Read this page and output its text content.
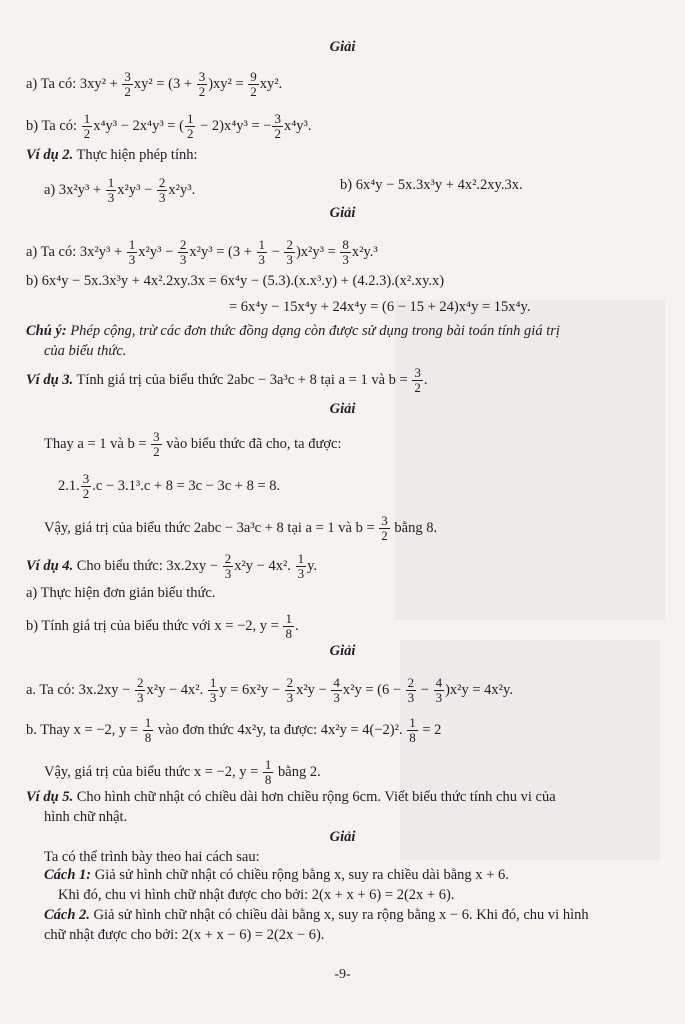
Giải
a) Ta có: $3xy^2 + \frac{3}{2} xy^2 = (3 + \frac{3}{2} )xy^2 = \frac{9}{2} xy^2$.
b) Ta có: $\frac{1}{2} x^4y^3 - 2x^4y^3$ = ( $\frac{1}{2} - 2)x^4y^3$ = − $\frac{3}{2} x^4y^3$.
Ví dụ 2. Thực hiện phép tính:
a) $3x^2y^3 + \frac{1}{3} x^2y^3 - \frac{2}{3} x^2y^3$.	b) 6x⁴y − 5x.3x³y + 4x².2xy.3x.
Giải
a) Ta có: $3x^2y^3 + \frac{1}{3} x^2y^3 - \frac{2}{3} x^2y^3 = (3 + \frac{1}{3} - \frac{2}{3} )x^2y^3 = \frac{8}{3} x^2y.^3$
b) 6x⁴y − 5x.3x³y + 4x².2xy.3x = 6x⁴y − (5.3).(x.x³.y) + (4.2.3).(x².xy.x)
= 6x⁴y − 15x⁴y + 24x⁴y = (6 − 15 + 24)x⁴y = 15x⁴y.
Chú ý: Phép cộng, trừ các đơn thức đồng dạng còn được sử dụng trong bài toán tính giá trị
của biểu thức.
Ví dụ 3. Tính giá trị của biểu thức 2abc − 3a³c + 8 tại a = 1 và $b = \frac{3}{2}$ .
Giải
Thay a = 1 và $b = \frac{3}{2}$ vào biểu thức đã cho, ta được:
2.1. $\frac{3}{2} .c - 3.1^3.c + 8 = 3c - 3c + 8 = 8$.
Vậy, giá trị của biểu thức 2abc − 3a³c + 8 tại a = 1 và $b = \frac{3}{2}$ bằng 8.
Ví dụ 4. Cho biểu thức: $3x.2xy - \frac{2}{3} x^2y - 4x^2$. $\frac{1}{3} y$.
a) Thực hiện đơn giản biểu thức.
b) Tính giá trị của biểu thức với x = −2, $y = \frac{1}{8}$ .
Giải
a. Ta có: $3x.2xy - \frac{2}{3} x^2y - 4x^2$. $\frac{1}{3}$ $y = 6x^2y - \frac{2}{3} x^2y - \frac{4}{3} x^2y = (6 - \frac{2}{3} - \frac{4}{3} )x^2y = 4x^2y$.
b. Thay x = −2, $y = \frac{1}{8}$ vào đơn thức 4x²y, ta được: 4x²y = 4(−2)². $\frac{1}{8} = 2$
Vậy, giá trị của biểu thức x = −2, $y = \frac{1}{8}$ bằng 2.
Ví dụ 5. Cho hình chữ nhật có chiều dài hơn chiều rộng 6cm. Viết biểu thức tính chu vi của
hình chữ nhật.
Giải
Ta có thể trình bày theo hai cách sau:
Cách 1: Giả sử hình chữ nhật có chiều rộng bằng x, suy ra chiều dài bằng x + 6.
Khi đó, chu vi hình chữ nhật được cho bởi: 2(x + x + 6) = 2(2x + 6).
Cách 2. Giả sử hình chữ nhật có chiều dài bằng x, suy ra rộng bằng x − 6. Khi đó, chu vi hình
chữ nhật được cho bởi: 2(x + x − 6) = 2(2x − 6).
-9-
